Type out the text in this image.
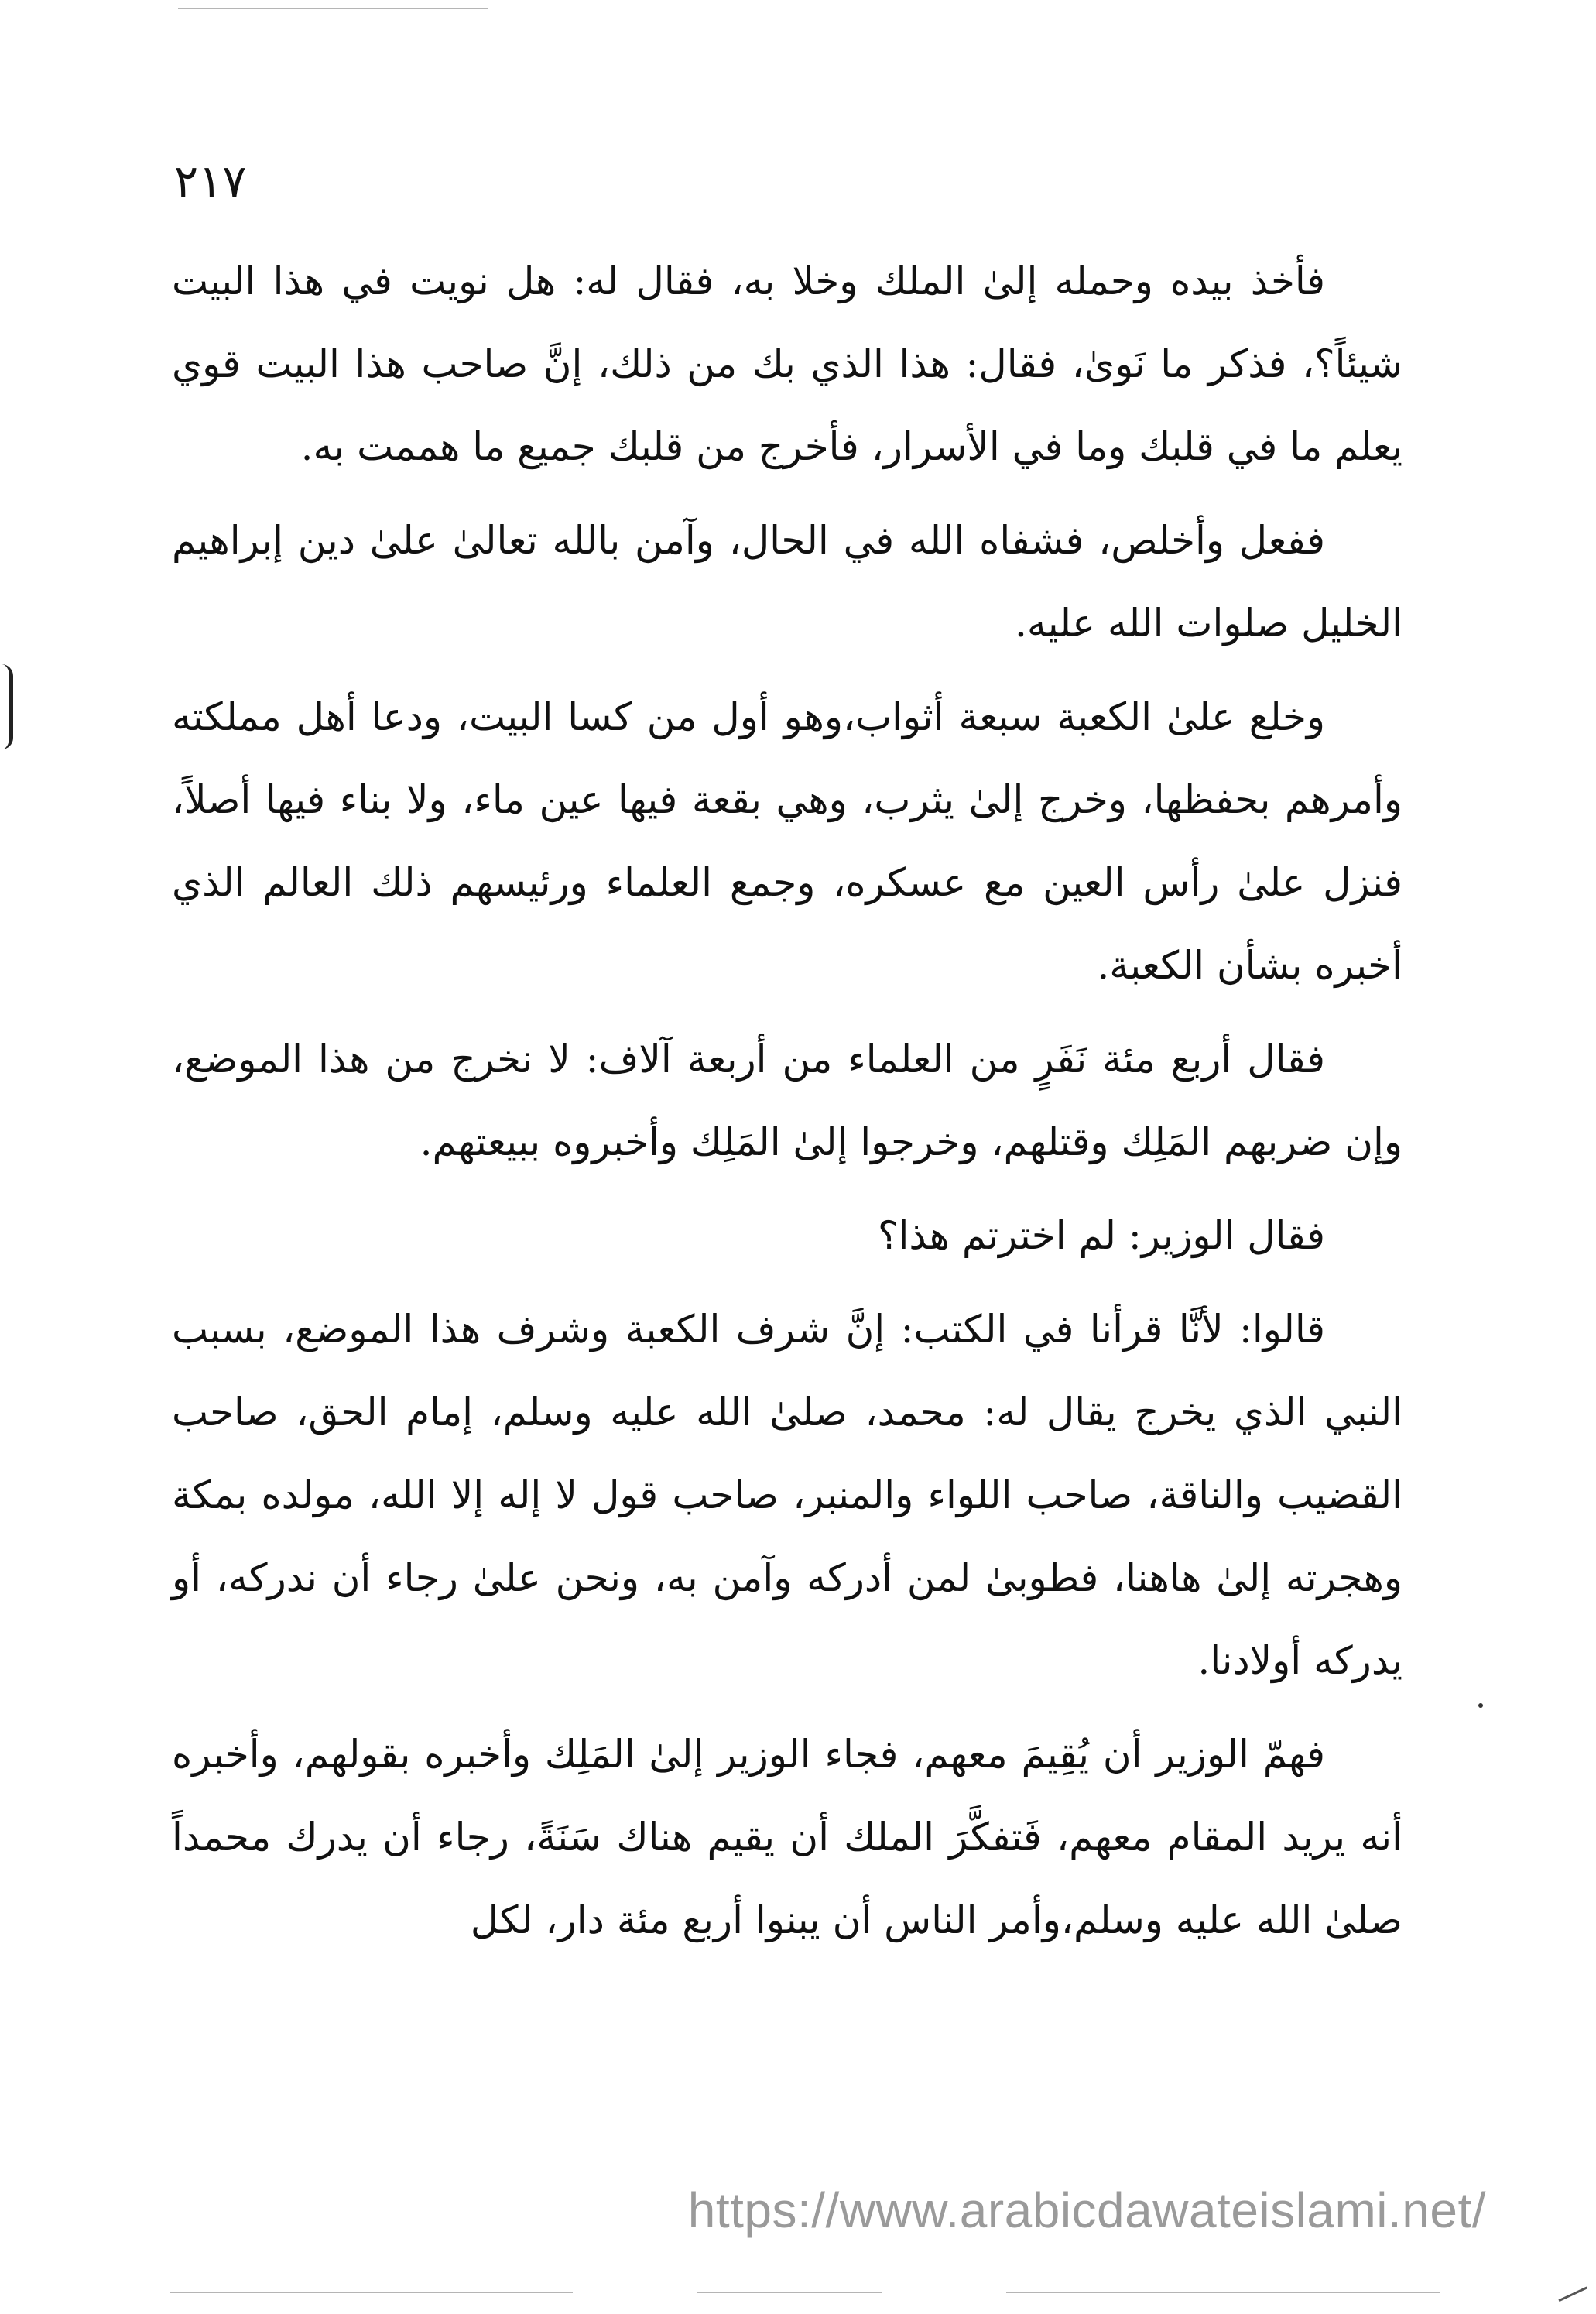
٢١٧

فأخذ بيده وحمله إلىٰ الملك وخلا به، فقال له: هل نويت في هذا البيت شيئاً؟، فذكر ما نَوىٰ، فقال: هذا الذي بك من ذلك، إنَّ صاحب هذا البيت قوي يعلم ما في قلبك وما في الأسرار، فأخرج من قلبك جميع ما هممت به.

ففعل وأخلص، فشفاه الله في الحال، وآمن بالله تعالىٰ علىٰ دين إبراهيم الخليل صلوات الله عليه.

وخلع علىٰ الكعبة سبعة أثواب،وهو أول من كسا البيت، ودعا أهل مملكته وأمرهم بحفظها، وخرج إلىٰ يثرب، وهي بقعة فيها عين ماء، ولا بناء فيها أصلاً، فنزل علىٰ رأس العين مع عسكره، وجمع العلماء ورئيسهم ذلك العالم الذي أخبره بشأن الكعبة.

فقال أربع مئة نَفَرٍ من العلماء من أربعة آلاف: لا نخرج من هذا الموضع، وإن ضربهم المَلِك وقتلهم، وخرجوا إلىٰ المَلِك وأخبروه ببيعتهم.

فقال الوزير: لم اخترتم هذا؟

قالوا: لأنَّا قرأنا في الكتب: إنَّ شرف الكعبة وشرف هذا الموضع، بسبب النبي الذي يخرج يقال له: محمد، صلىٰ الله عليه وسلم، إمام الحق، صاحب القضيب والناقة، صاحب اللواء والمنبر، صاحب قول لا إله إلا الله، مولده بمكة وهجرته إلىٰ هاهنا، فطوبىٰ لمن أدركه وآمن به، ونحن علىٰ رجاء أن ندركه، أو يدركه أولادنا.

فهمّ الوزير أن يُقِيمَ معهم، فجاء الوزير إلىٰ المَلِك وأخبره بقولهم، وأخبره أنه يريد المقام معهم، فَتفكَّرَ الملك أن يقيم هناك سَنَةً، رجاء أن يدرك محمداً صلىٰ الله عليه وسلم،وأمر الناس أن يبنوا أربع مئة دار، لكل

https://www.arabicdawateislami.net/
